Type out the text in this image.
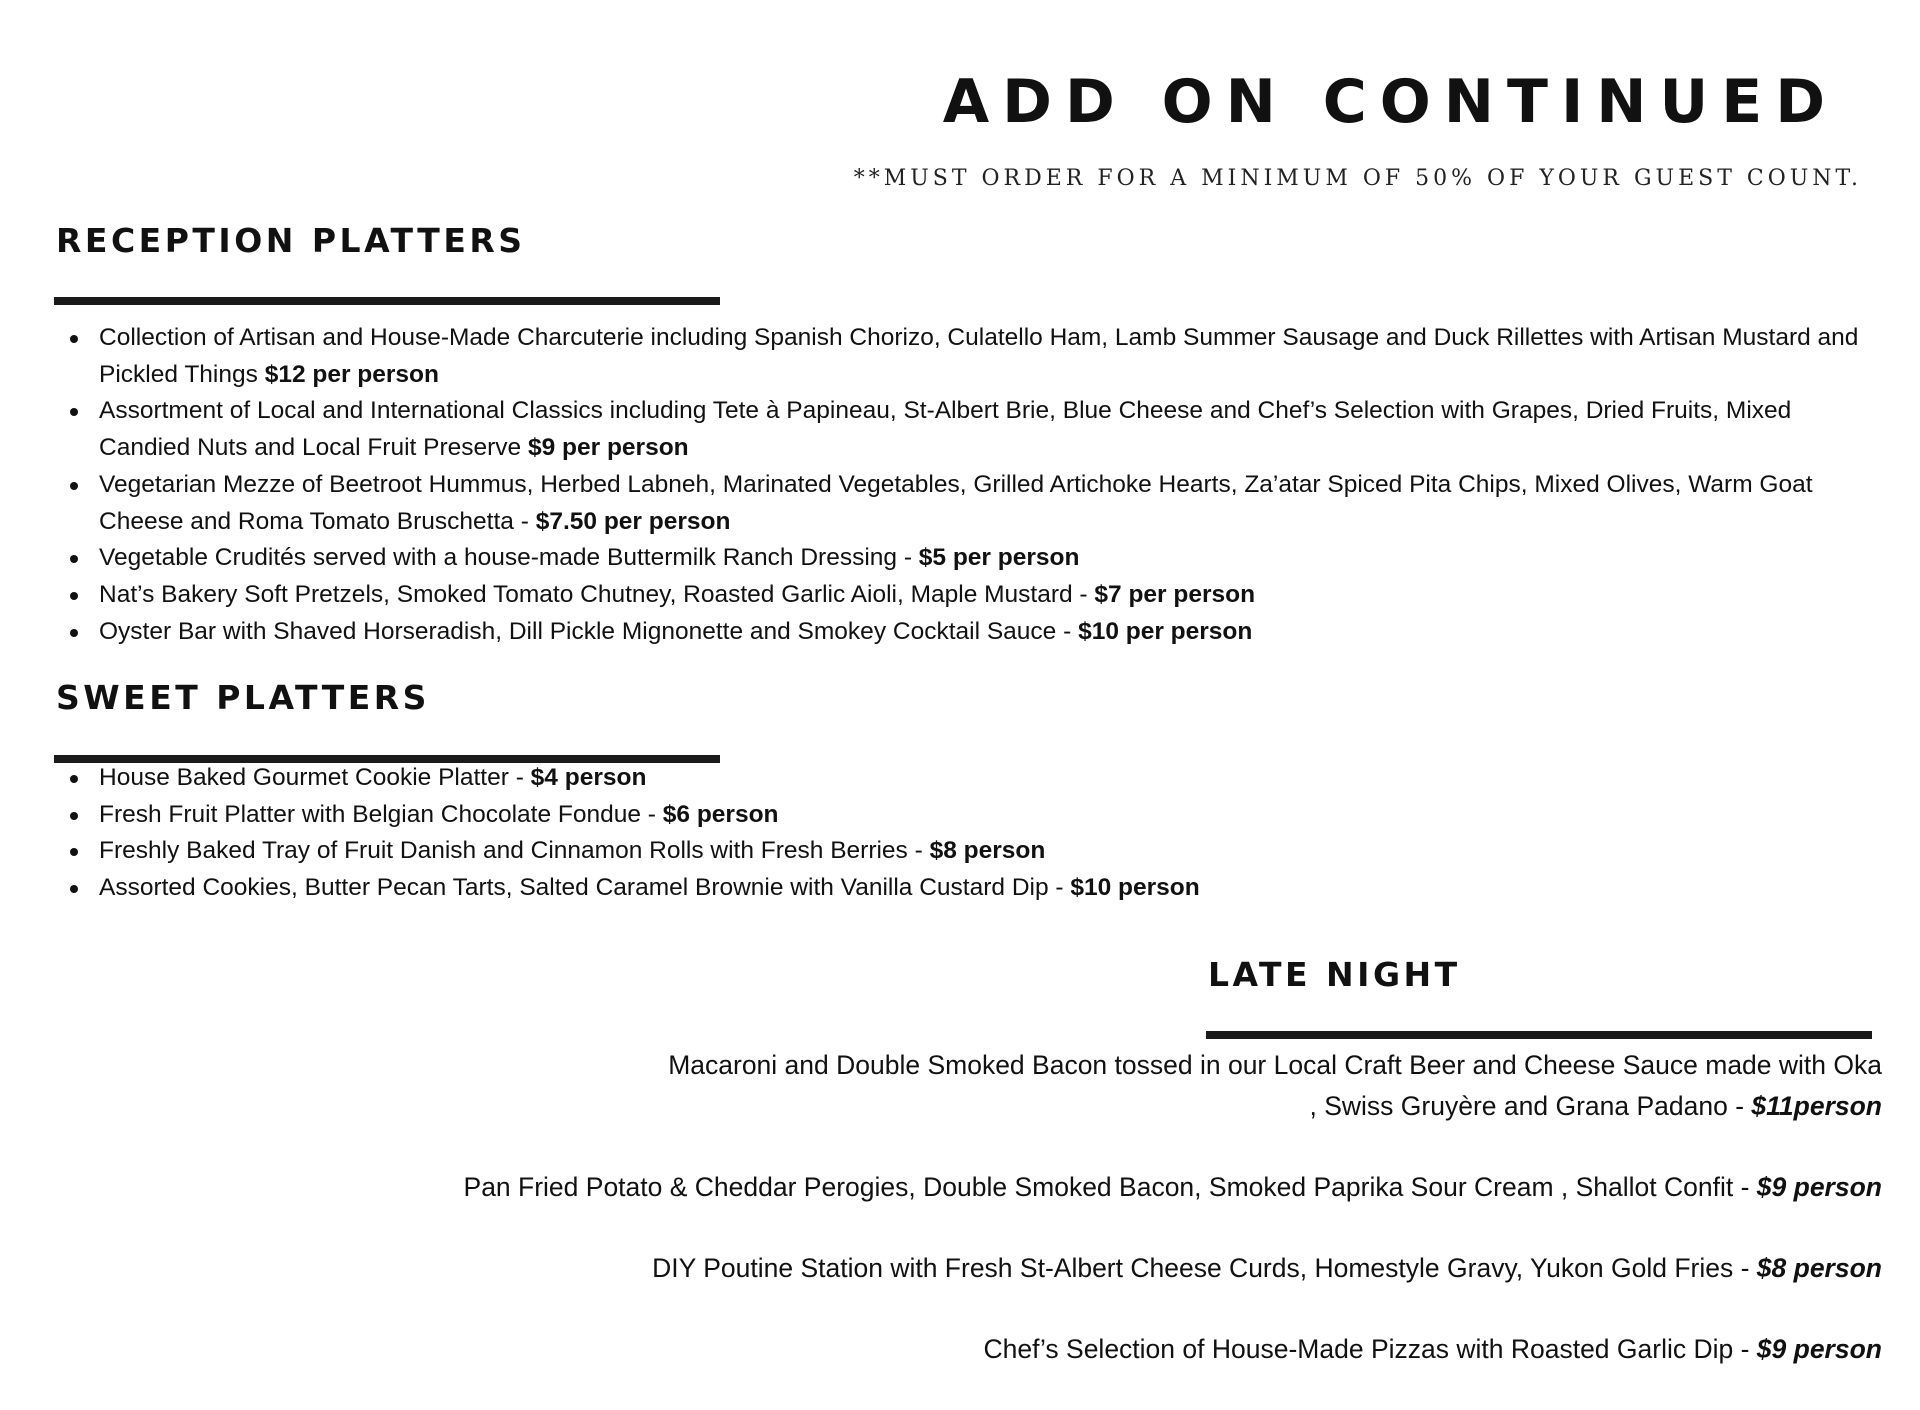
ADD ON CONTINUED
**MUST ORDER FOR A MINIMUM OF 50% OF YOUR GUEST COUNT.
RECEPTION PLATTERS
Collection of Artisan and House-Made Charcuterie including Spanish Chorizo, Culatello Ham, Lamb Summer Sausage and Duck Rillettes with Artisan Mustard and Pickled Things $12 per person
Assortment of Local and International Classics including Tete à Papineau, St-Albert Brie, Blue Cheese and Chef’s Selection with Grapes, Dried Fruits, Mixed Candied Nuts and Local Fruit Preserve $9 per person
Vegetarian Mezze of Beetroot Hummus, Herbed Labneh, Marinated Vegetables, Grilled Artichoke Hearts, Za’atar Spiced Pita Chips, Mixed Olives, Warm Goat Cheese and Roma Tomato Bruschetta - $7.50 per person
Vegetable Crudités served with a house-made Buttermilk Ranch Dressing - $5 per person
Nat’s Bakery Soft Pretzels, Smoked Tomato Chutney, Roasted Garlic Aioli, Maple Mustard - $7 per person
Oyster Bar with Shaved Horseradish, Dill Pickle Mignonette and Smokey Cocktail Sauce - $10 per person
SWEET PLATTERS
House Baked Gourmet Cookie Platter - $4 person
Fresh Fruit Platter with Belgian Chocolate Fondue - $6 person
Freshly Baked Tray of Fruit Danish and Cinnamon Rolls with Fresh Berries - $8 person
Assorted Cookies, Butter Pecan Tarts, Salted Caramel Brownie with Vanilla Custard Dip - $10 person
LATE NIGHT
Macaroni and Double Smoked Bacon tossed in our Local Craft Beer and Cheese Sauce made with Oka
, Swiss Gruyère and Grana Padano - $11person
Pan Fried Potato & Cheddar Perogies, Double Smoked Bacon, Smoked Paprika Sour Cream , Shallot Confit - $9 person
DIY Poutine Station with Fresh St-Albert Cheese Curds, Homestyle Gravy, Yukon Gold Fries - $8 person
Chef’s Selection of House-Made Pizzas with Roasted Garlic Dip - $9 person
